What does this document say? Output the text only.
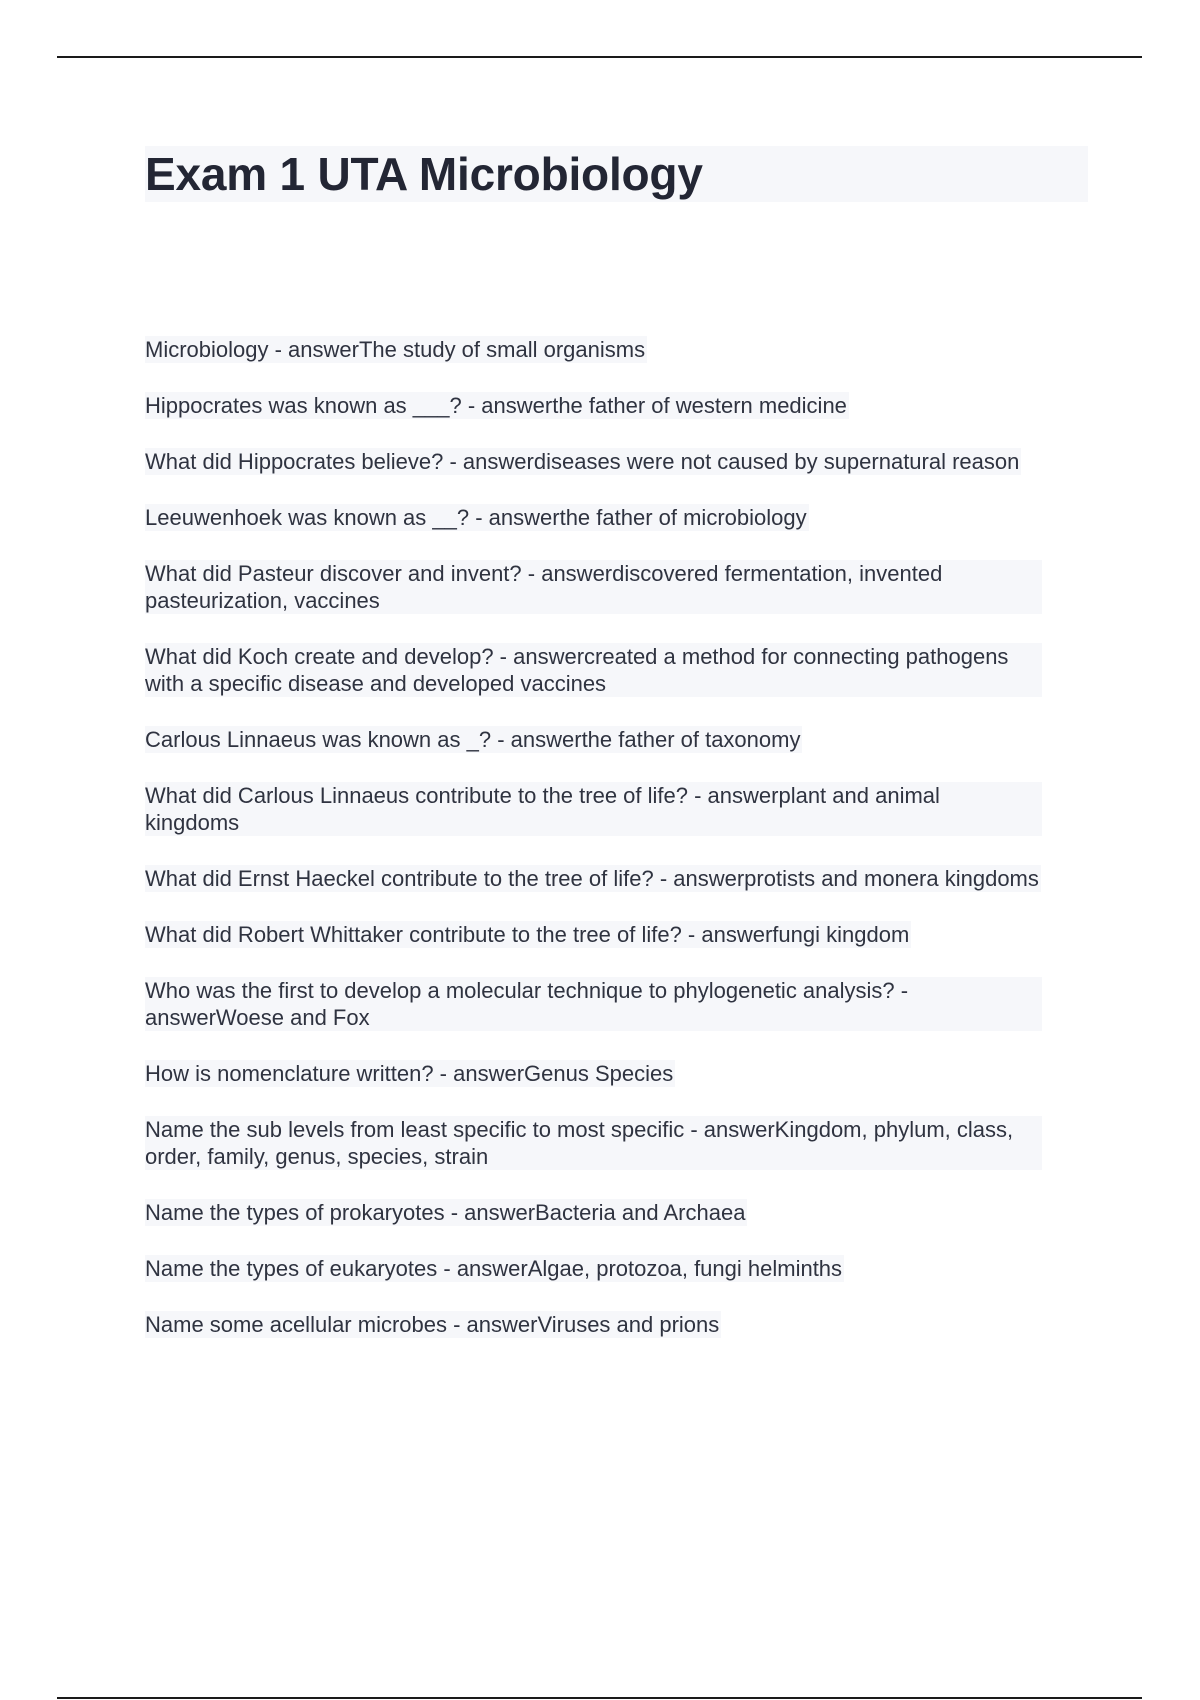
Exam 1 UTA Microbiology
Microbiology - answerThe study of small organisms
Hippocrates was known as ___? - answerthe father of western medicine
What did Hippocrates believe? - answerdiseases were not caused by supernatural reason
Leeuwenhoek was known as __? - answerthe father of microbiology
What did Pasteur discover and invent? - answerdiscovered fermentation, invented pasteurization, vaccines
What did Koch create and develop? - answercreated a method for connecting pathogens with a specific disease and developed vaccines
Carlous Linnaeus was known as _? - answerthe father of taxonomy
What did Carlous Linnaeus contribute to the tree of life? - answerplant and animal kingdoms
What did Ernst Haeckel contribute to the tree of life? - answerprotists and monera kingdoms
What did Robert Whittaker contribute to the tree of life? - answerfungi kingdom
Who was the first to develop a molecular technique to phylogenetic analysis? - answerWoese and Fox
How is nomenclature written? - answerGenus Species
Name the sub levels from least specific to most specific - answerKingdom, phylum, class, order, family, genus, species, strain
Name the types of prokaryotes - answerBacteria and Archaea
Name the types of eukaryotes - answerAlgae, protozoa, fungi helminths
Name some acellular microbes - answerViruses and prions
